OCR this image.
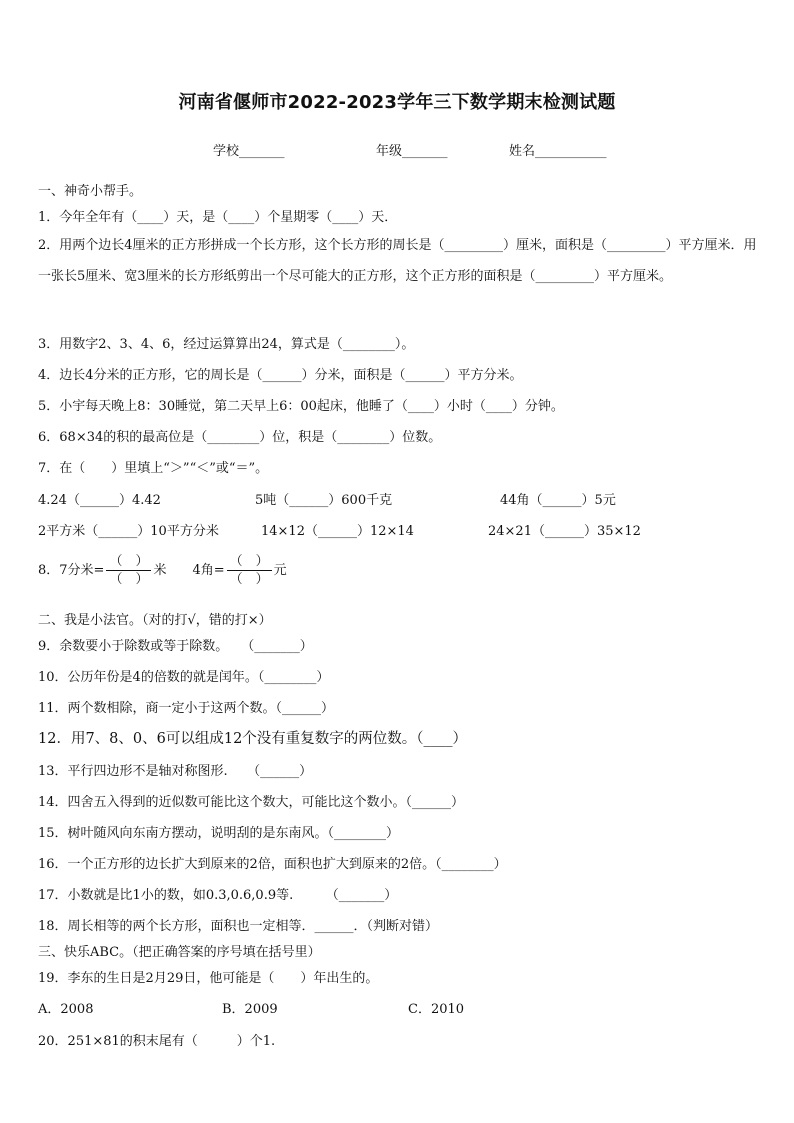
河南省偃师市2022-2023学年三下数学期末检测试题
学校_______	年级_______	姓名___________
一、神奇小帮手。
1．今年全年有（____）天，是（____）个星期零（____）天．
2．用两个边长4厘米的正方形拼成一个长方形，这个长方形的周长是（_________）厘米，面积是（_________）平方厘米．用一张长5厘米、宽3厘米的长方形纸剪出一个尽可能大的正方形，这个正方形的面积是（_________）平方厘米。
3．用数字2、3、4、6，经过运算算出24，算式是（________）。
4．边长4分米的正方形，它的周长是（______）分米，面积是（______）平方分米。
5．小宇每天晚上8：30睡觉，第二天早上6：00起床，他睡了（____）小时（____）分钟。
6．68×34的积的最高位是（________）位，积是（________）位数。
7．在（　　）里填上“＞”“＜”或“＝”。
4.24（______）4.42	5吨（______）600千克	44角（______）5元
2平方米（______）10平方分米	14×12（______）12×14	24×21（______）35×12
8．7分米= $\frac{( )}{( )}$ 米 4角= $\frac{( )}{( )}$ 元
二、我是小法官。（对的打√，错的打×）
9．余数要小于除数或等于除数。　　（_______）
10．公历年份是4的倍数的就是闰年。（________）
11．两个数相除，商一定小于这两个数。（______）
12．用7、8、0、6可以组成12个没有重复数字的两位数。（____）
13．平行四边形不是轴对称图形.　　（______）
14．四舍五入得到的近似数可能比这个数大，可能比这个数小。（______）
15．树叶随风向东南方摆动，说明刮的是东南风。（________）
16．一个正方形的边长扩大到原来的2倍，面积也扩大到原来的2倍。（________）
17．小数就是比1小的数，如0.3,0.6,0.9等.　　　（_______）
18．周长相等的两个长方形，面积也一定相等．______．（判断对错）
三、快乐ABC。（把正确答案的序号填在括号里）
19．李东的生日是2月29日，他可能是（　　）年出生的。
A．2008	B．2009	C．2010
20．251×81的积末尾有（　　　）个1.
